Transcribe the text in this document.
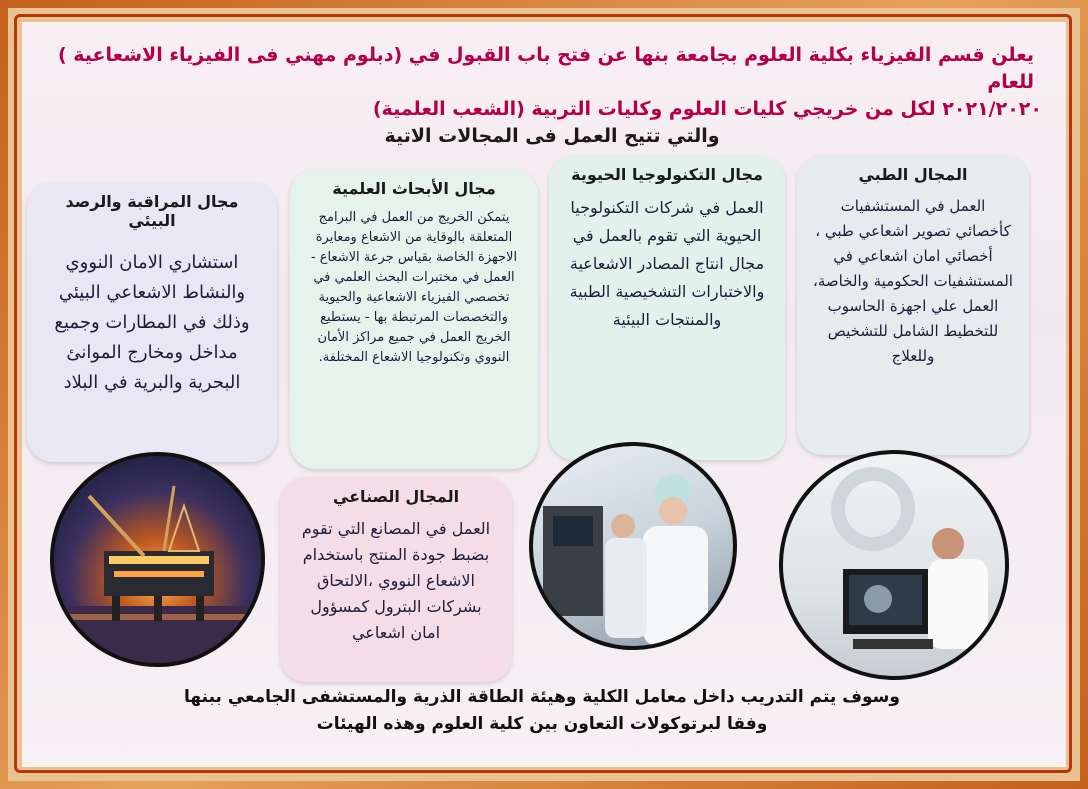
يعلن قسم الفيزياء بكلية العلوم بجامعة بنها عن فتح باب القبول في (دبلوم مهني فى الفيزياء الاشعاعية ) للعام
٢٠٢١/٢٠٢٠ لكل من خريجي كليات العلوم وكليات التربية (الشعب العلمية)
والتي تتيح العمل فى المجالات الاتية
المجال الطبي

العمل في المستشفيات كأخصائي تصوير اشعاعي طبي ، أخصائي امان اشعاعي في المستشفيات الحكومية والخاصة، العمل علي اجهزة الحاسوب للتخطيط الشامل للتشخيص وللعلاج

مجال التكنولوجيا الحيوية

العمل في شركات التكنولوجيا الحيوية التي تقوم بالعمل في مجال انتاج المصادر الاشعاعية والاختبارات التشخيصية الطبية والمنتجات البيئية

مجال الأبحاث العلمية

يتمكن الخريج من العمل في البرامج المتعلقة بالوقاية من الاشعاع ومعايرة الاجهزة الخاصة بقياس جرعة الاشعاع - العمل في مختبرات البحث العلمي في تخصصي الفيزياء الاشعاعية والحيوية والتخصصات المرتبطة بها - يستطيع الخريج العمل في جميع مراكز الأمان النووي وتكنولوجيا الاشعاع المختلفة.

مجال المراقبة والرصد البيئي

استشاري الامان النووي والنشاط الاشعاعي البيئي وذلك في المطارات وجميع مداخل ومخارج الموانئ البحرية والبرية في البلاد

المجال الصناعي

العمل في المصانع التي تقوم بضبط جودة المنتج باستخدام الاشعاع النووي ،الالتحاق بشركات البترول كمسؤول امان اشعاعي

وسوف يتم التدريب داخل معامل الكلية وهيئة الطاقة الذرية والمستشفى الجامعي ببنها
وفقا لبرتوكولات التعاون بين كلية العلوم وهذه الهيئات
